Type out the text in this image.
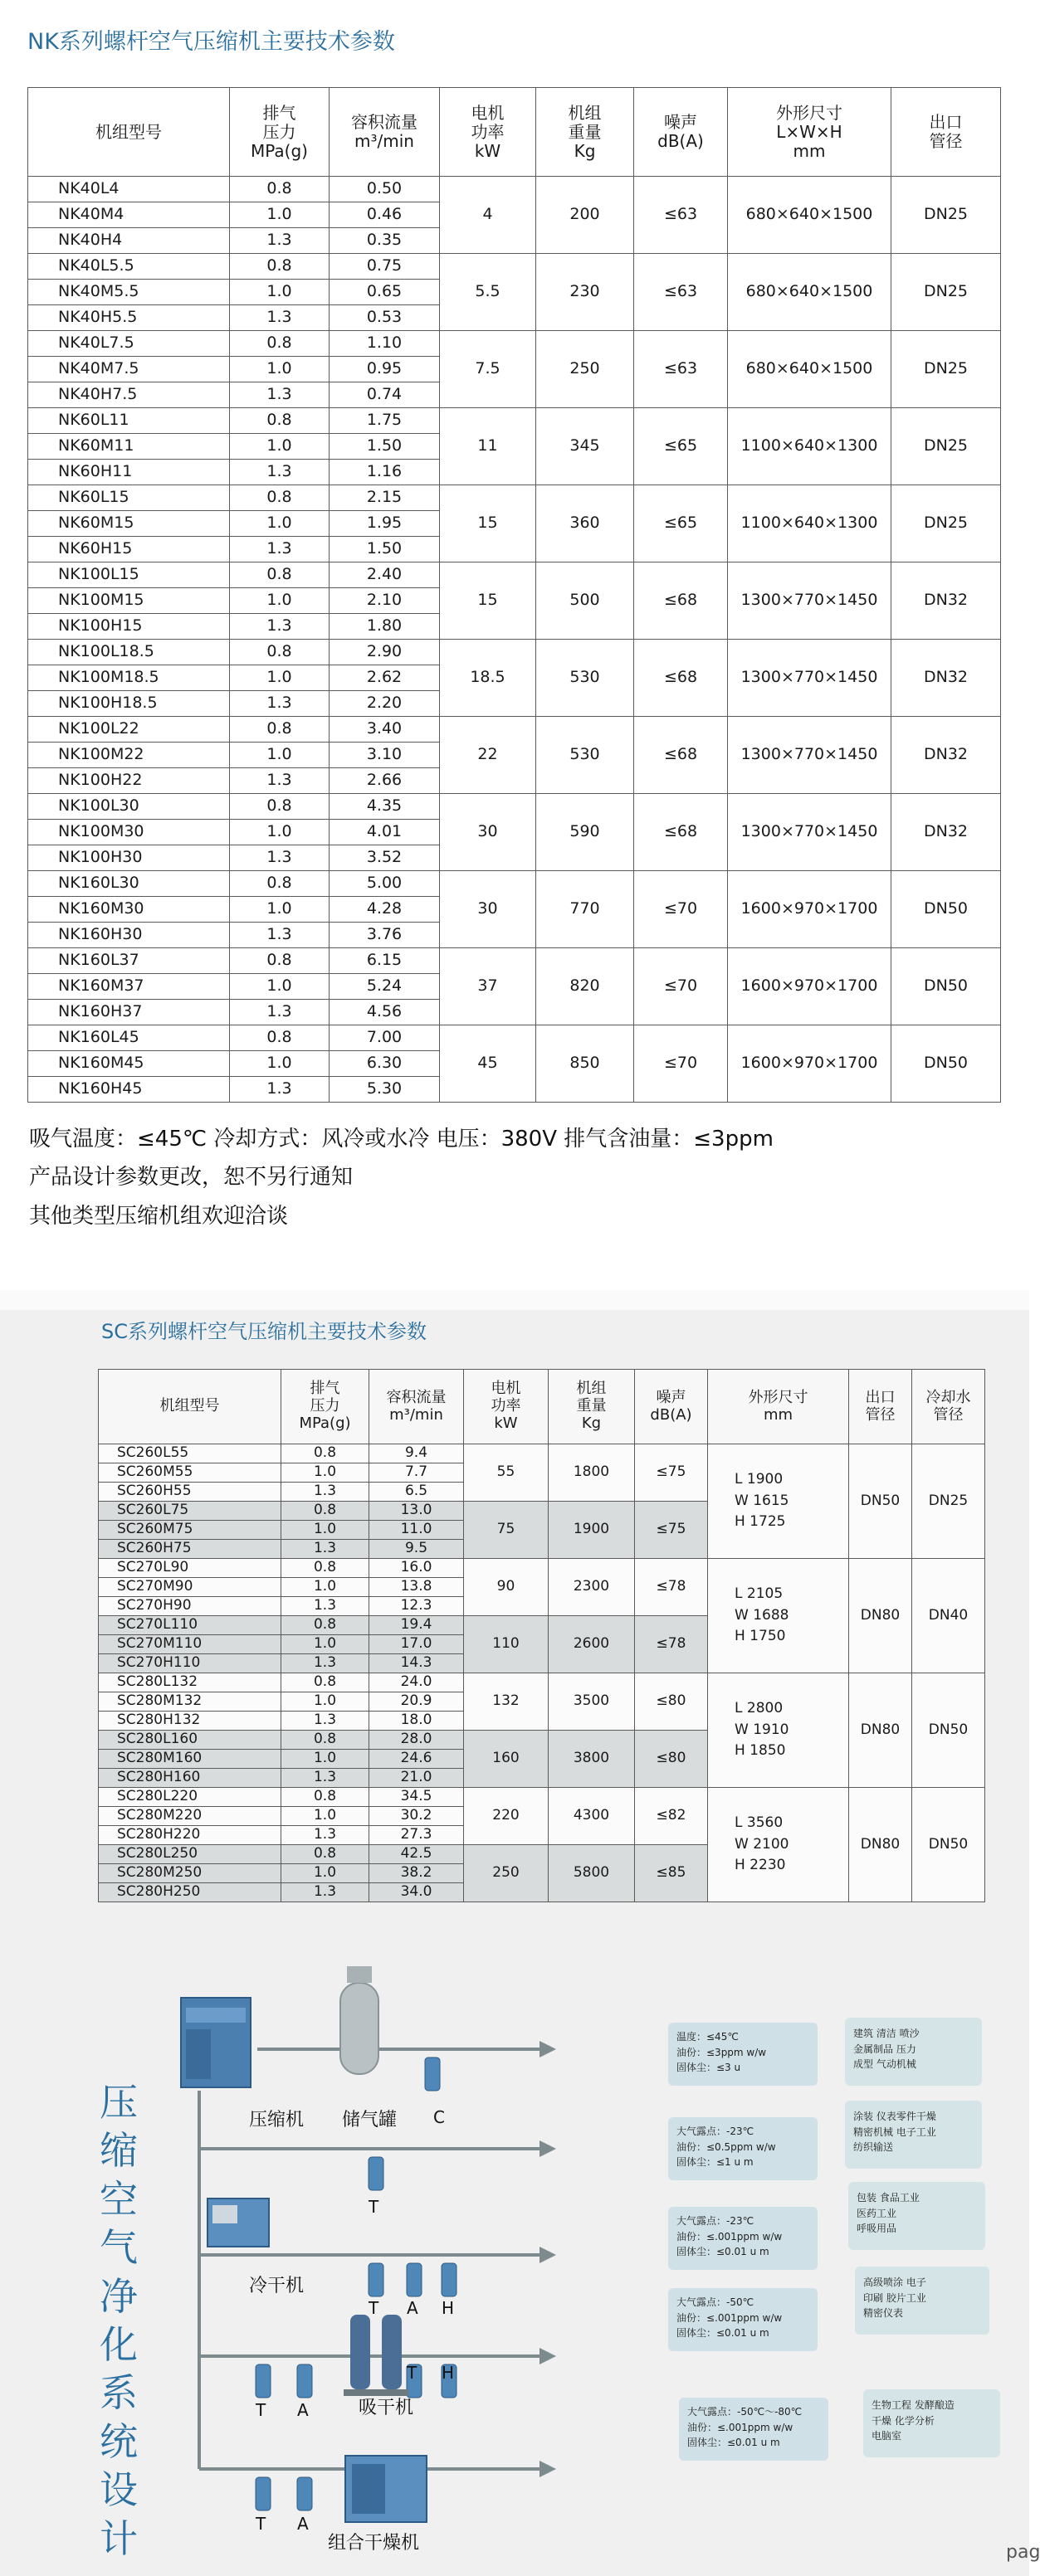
NK系列螺杆空气压缩机主要技术参数
机组型号	排气
压力
MPa(g)	容积流量
m³/min	电机
功率
kW	机组
重量
Kg	噪声
dB(A)	外形尺寸
L×W×H
mm	出口
管径
NK40L4	0.8	0.50	4	200	≤63	680×640×1500	DN25
NK40M4	1.0	0.46					
NK40H4	1.3	0.35					
NK40L5.5	0.8	0.75	5.5	230	≤63	680×640×1500	DN25
NK40M5.5	1.0	0.65					
NK40H5.5	1.3	0.53					
NK40L7.5	0.8	1.10	7.5	250	≤63	680×640×1500	DN25
NK40M7.5	1.0	0.95					
NK40H7.5	1.3	0.74					
NK60L11	0.8	1.75	11	345	≤65	1100×640×1300	DN25
NK60M11	1.0	1.50					
NK60H11	1.3	1.16					
NK60L15	0.8	2.15	15	360	≤65	1100×640×1300	DN25
NK60M15	1.0	1.95					
NK60H15	1.3	1.50					
NK100L15	0.8	2.40	15	500	≤68	1300×770×1450	DN32
NK100M15	1.0	2.10					
NK100H15	1.3	1.80					
NK100L18.5	0.8	2.90	18.5	530	≤68	1300×770×1450	DN32
NK100M18.5	1.0	2.62					
NK100H18.5	1.3	2.20					
NK100L22	0.8	3.40	22	530	≤68	1300×770×1450	DN32
NK100M22	1.0	3.10					
NK100H22	1.3	2.66					
NK100L30	0.8	4.35	30	590	≤68	1300×770×1450	DN32
NK100M30	1.0	4.01					
NK100H30	1.3	3.52					
NK160L30	0.8	5.00	30	770	≤70	1600×970×1700	DN50
NK160M30	1.0	4.28					
NK160H30	1.3	3.76					
NK160L37	0.8	6.15	37	820	≤70	1600×970×1700	DN50
NK160M37	1.0	5.24					
NK160H37	1.3	4.56					
NK160L45	0.8	7.00	45	850	≤70	1600×970×1700	DN50
NK160M45	1.0	6.30					
NK160H45	1.3	5.30					
吸气温度：≤45℃ 冷却方式：风冷或水冷 电压：380V 排气含油量：≤3ppm
产品设计参数更改，恕不另行通知
其他类型压缩机组欢迎洽谈
SC系列螺杆空气压缩机主要技术参数
机组型号	排气
压力
MPa(g)	容积流量
m³/min	电机
功率
kW	机组
重量
Kg	噪声
dB(A)	外形尺寸
mm	出口
管径	冷却水
管径
SC260L55	0.8	9.4	55	1800	≤75	L 1900
W 1615
H 1725	DN50	DN25
SC260M55	1.0	7.7						
SC260H55	1.3	6.5						
SC260L75	0.8	13.0	75	1900	≤75			
SC260M75	1.0	11.0						
SC260H75	1.3	9.5						
SC270L90	0.8	16.0	90	2300	≤78	L 2105
W 1688
H 1750	DN80	DN40
SC270M90	1.0	13.8						
SC270H90	1.3	12.3						
SC270L110	0.8	19.4	110	2600	≤78			
SC270M110	1.0	17.0						
SC270H110	1.3	14.3						
SC280L132	0.8	24.0	132	3500	≤80	L 2800
W 1910
H 1850	DN80	DN50
SC280M132	1.0	20.9						
SC280H132	1.3	18.0						
SC280L160	0.8	28.0	160	3800	≤80			
SC280M160	1.0	24.6						
SC280H160	1.3	21.0						
SC280L220	0.8	34.5	220	4300	≤82	L 3560
W 2100
H 2230	DN80	DN50
SC280M220	1.0	30.2						
SC280H220	1.3	27.3						
SC280L250	0.8	42.5	250	5800	≤85			
SC280M250	1.0	38.2						
SC280H250	1.3	34.0						
压缩空气净化系统设计
压缩机 储气罐 C
冷干机
T
T A H
T A	吸干机
T H
T A
组合干燥机
温度：≤45℃
油份：≤3ppm w/w
固体尘：≤3 u
大气露点：-23℃
油份：≤0.5ppm w/w
固体尘：≤1 u m
大气露点：-23℃
油份：≤.001ppm w/w
固体尘：≤0.01 u m
大气露点：-50℃
油份：≤.001ppm w/w
固体尘：≤0.01 u m
大气露点：-50℃～-80℃
油份：≤.001ppm w/w
固体尘：≤0.01 u m
建筑 清洁 喷沙
金属制品 压力
成型 气动机械
涂装 仪表零件干燥
精密机械 电子工业
纺织输送
包装 食品工业
医药工业
呼吸用品
高级喷涂 电子
印刷 胶片工业
精密仪表
生物工程 发酵酿造
干燥 化学分析
电脑室
pag
